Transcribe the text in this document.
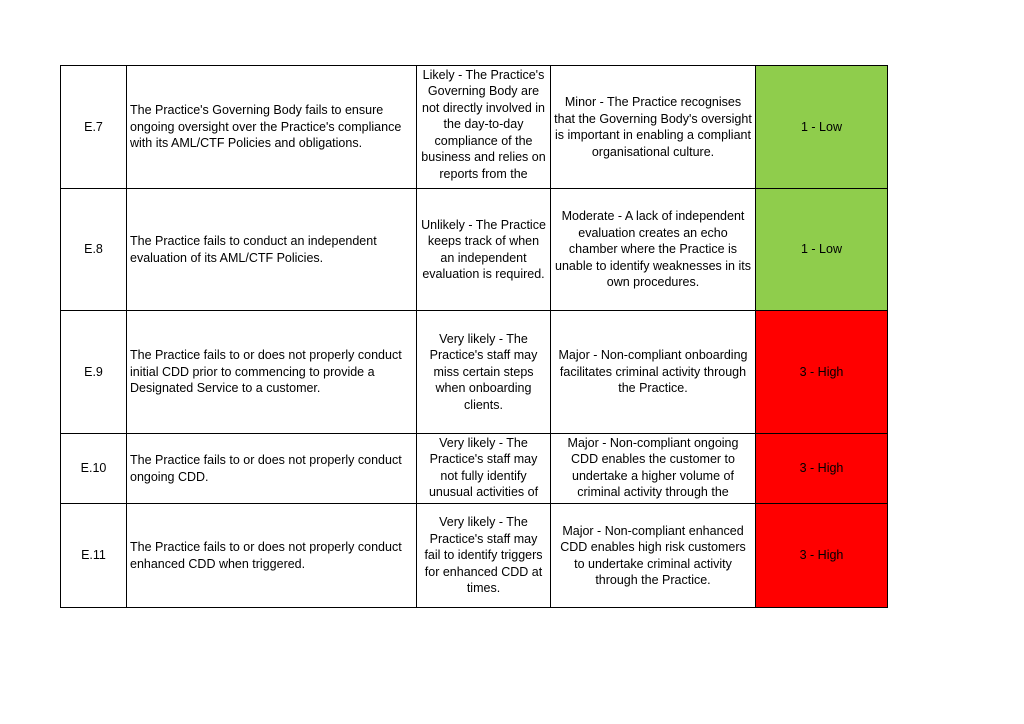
E.7	The Practice's Governing Body fails to ensure ongoing oversight over the Practice's compliance with its AML/CTF Policies and obligations.	Likely - The Practice's Governing Body are not directly involved in the day-to-day compliance of the business and relies on reports from the	Minor - The Practice recognises that the Governing Body's oversight is important in enabling a compliant organisational culture.	1 - Low
E.8	The Practice fails to conduct an independent evaluation of its AML/CTF Policies.	Unlikely - The Practice keeps track of when an independent evaluation is required.	Moderate - A lack of independent evaluation creates an echo chamber where the Practice is unable to identify weaknesses in its own procedures.	1 - Low
E.9	The Practice fails to or does not properly conduct initial CDD prior to commencing to provide a Designated Service to a customer.	Very likely - The Practice's staff may miss certain steps when onboarding clients.	Major - Non-compliant onboarding facilitates criminal activity through the Practice.	3 - High
E.10	The Practice fails to or does not properly conduct ongoing CDD.	Very likely - The Practice's staff may not fully identify unusual activities of	Major - Non-compliant ongoing CDD enables the customer to undertake a higher volume of criminal activity through the	3 - High
E.11	The Practice fails to or does not properly conduct enhanced CDD when triggered.	Very likely - The Practice's staff may fail to identify triggers for enhanced CDD at times.	Major - Non-compliant enhanced CDD enables high risk customers to undertake criminal activity through the Practice.	3 - High
